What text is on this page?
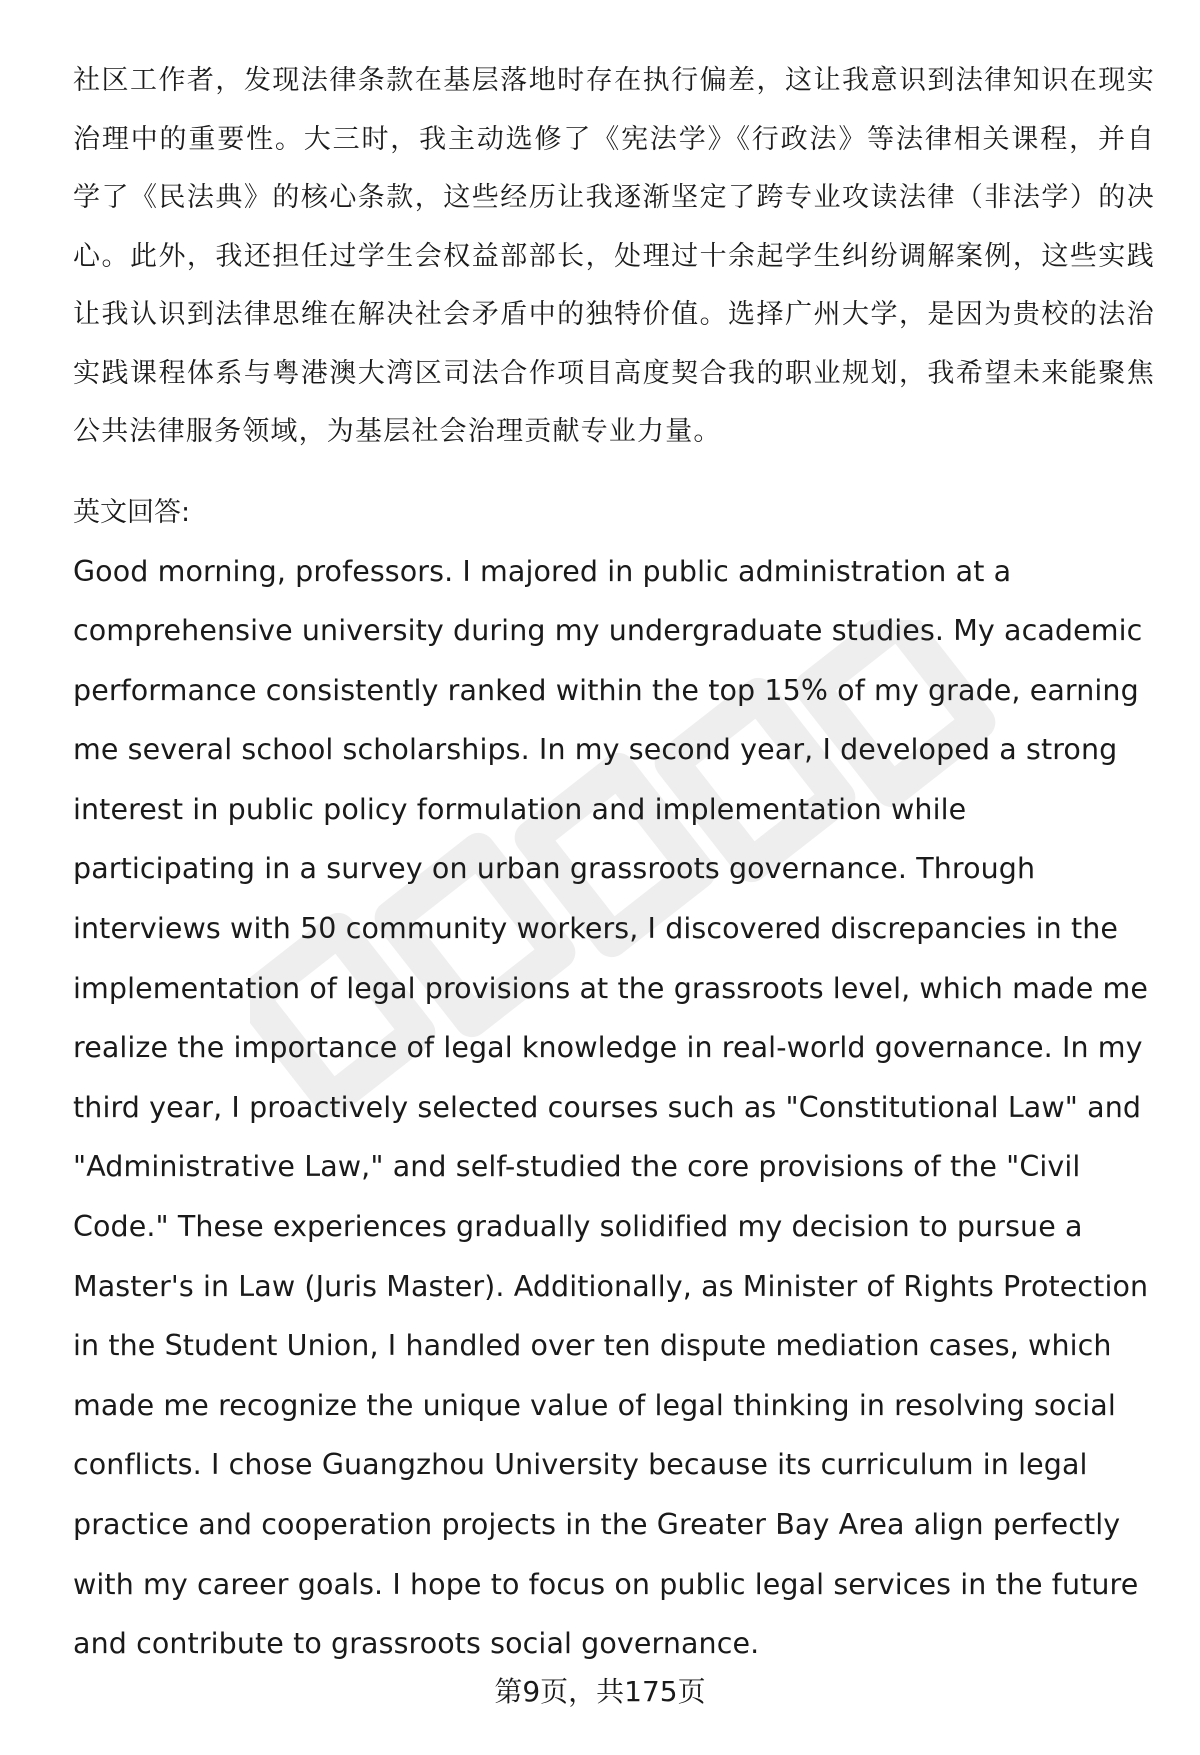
社区工作者，发现法律条款在基层落地时存在执行偏差，这让我意识到法律知识在现实治理中的重要性。大三时，我主动选修了《宪法学》《行政法》等法律相关课程，并自学了《民法典》的核心条款，这些经历让我逐渐坚定了跨专业攻读法律（非法学）的决心。此外，我还担任过学生会权益部部长，处理过十余起学生纠纷调解案例，这些实践让我认识到法律思维在解决社会矛盾中的独特价值。选择广州大学，是因为贵校的法治实践课程体系与粤港澳大湾区司法合作项目高度契合我的职业规划，我希望未来能聚焦公共法律服务领域，为基层社会治理贡献专业力量。

英文回答:

Good morning, professors. I majored in public administration at a comprehensive university during my undergraduate studies. My academic performance consistently ranked within the top 15% of my grade, earning me several school scholarships. In my second year, I developed a strong interest in public policy formulation and implementation while participating in a survey on urban grassroots governance. Through interviews with 50 community workers, I discovered discrepancies in the implementation of legal provisions at the grassroots level, which made me realize the importance of legal knowledge in real-world governance. In my third year, I proactively selected courses such as "Constitutional Law" and "Administrative Law," and self-studied the core provisions of the "Civil Code." These experiences gradually solidified my decision to pursue a Master's in Law (Juris Master). Additionally, as Minister of Rights Protection in the Student Union, I handled over ten dispute mediation cases, which made me recognize the unique value of legal thinking in resolving social conflicts. I chose Guangzhou University because its curriculum in legal practice and cooperation projects in the Greater Bay Area align perfectly with my career goals. I hope to focus on public legal services in the future and contribute to grassroots social governance.

第9页，共175页
